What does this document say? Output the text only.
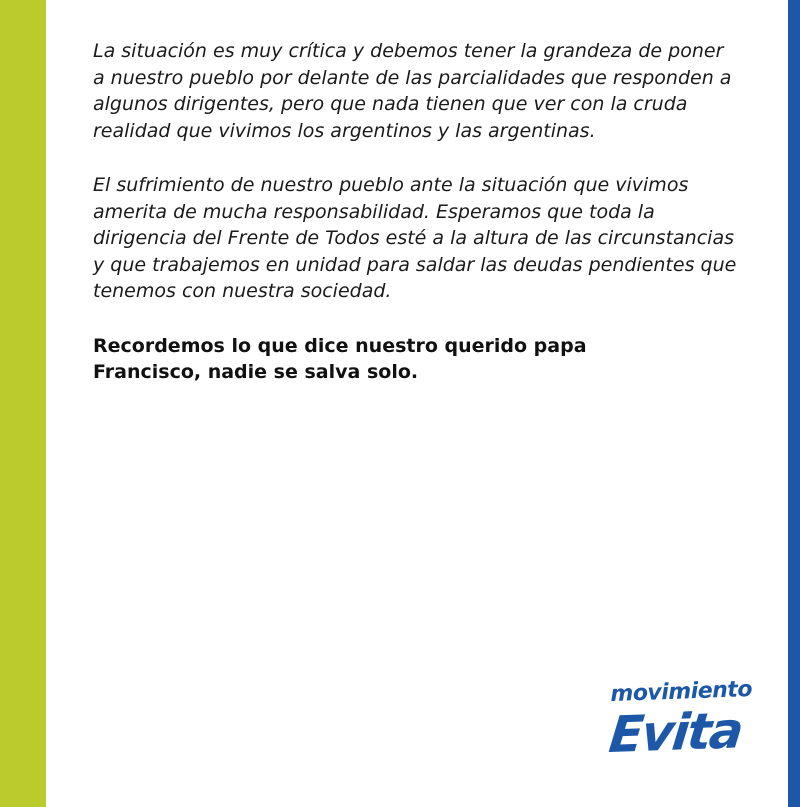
La situación es muy crítica y debemos tener la grandeza de poner
a nuestro pueblo por delante de las parcialidades que responden a
algunos dirigentes, pero que nada tienen que ver con la cruda
realidad que vivimos los argentinos y las argentinas.

El sufrimiento de nuestro pueblo ante la situación que vivimos
amerita de mucha responsabilidad. Esperamos que toda la
dirigencia del Frente de Todos esté a la altura de las circunstancias
y que trabajemos en unidad para saldar las deudas pendientes que
tenemos con nuestra sociedad.

Recordemos lo que dice nuestro querido papa
Francisco, nadie se salva solo.

movimiento
Evita
